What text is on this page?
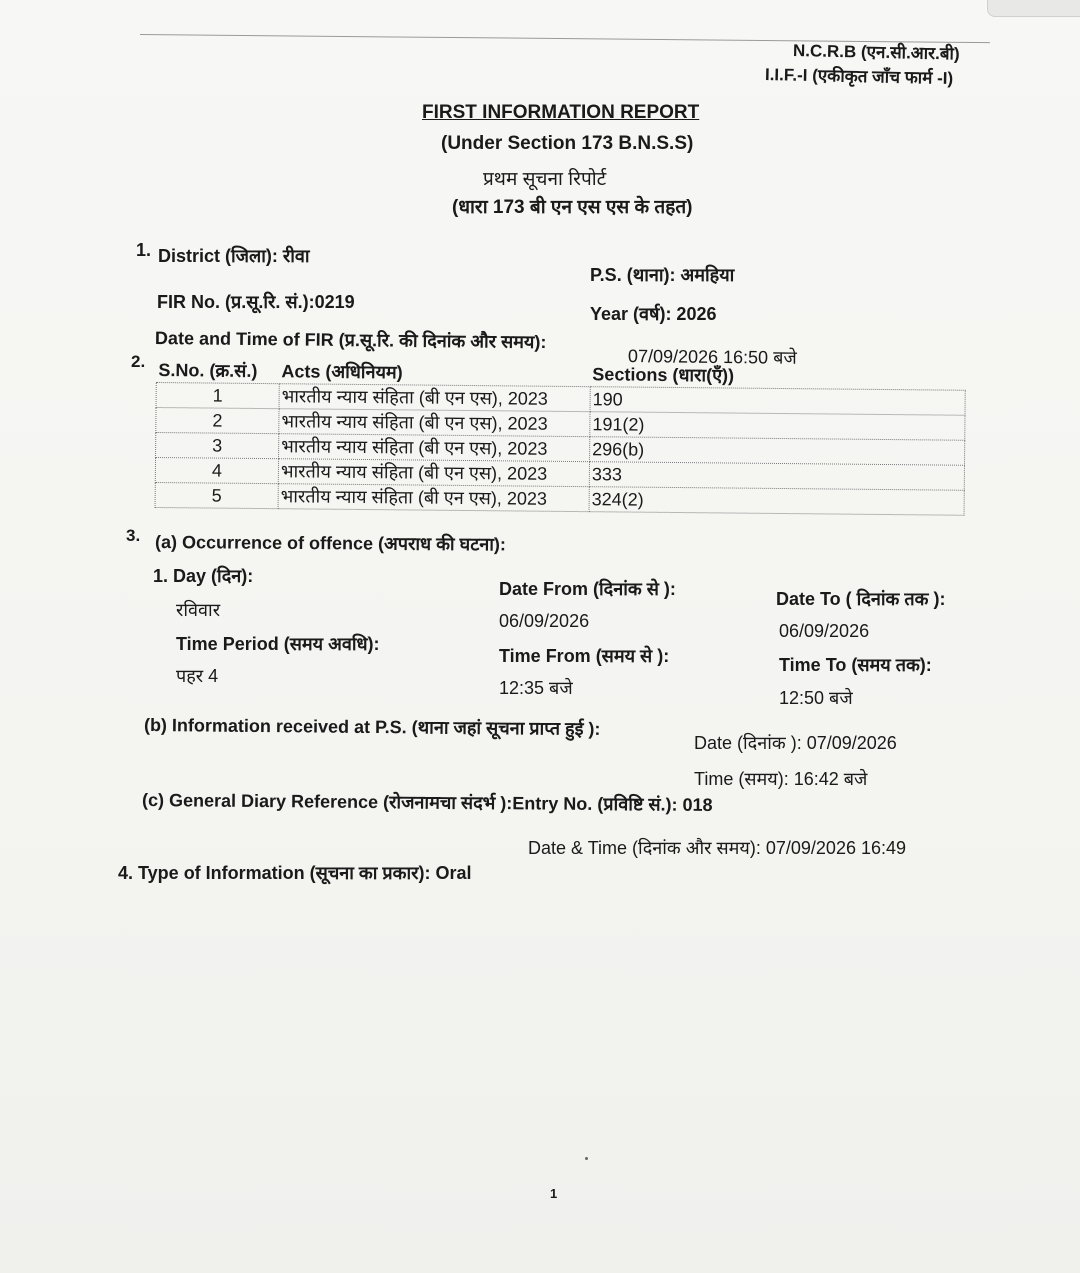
N.C.R.B (एन.सी.आर.बी)
I.I.F.-I (एकीकृत जाँच फार्म -I)
FIRST INFORMATION REPORT
(Under Section 173 B.N.S.S)
प्रथम सूचना रिपोर्ट
(धारा 173 बी एन एस एस के तहत)
1. District (जिला): रीवा
P.S. (थाना): अमहिया
FIR No. (प्र.सू.रि. सं.):0219
Year (वर्ष): 2026
Date and Time of FIR (प्र.सू.रि. की दिनांक और समय):
07/09/2026 16:50 बजे
2. S.No. (क्र.सं.)	Acts (अधिनियम)	Sections (धारा(एँ))
1	भारतीय न्याय संहिता (बी एन एस), 2023	190
2	भारतीय न्याय संहिता (बी एन एस), 2023	191(2)
3	भारतीय न्याय संहिता (बी एन एस), 2023	296(b)
4	भारतीय न्याय संहिता (बी एन एस), 2023	333
5	भारतीय न्याय संहिता (बी एन एस), 2023	324(2)
3. (a) Occurrence of offence (अपराध की घटना):
1. Day (दिन):
रविवार
Date From (दिनांक से ):
06/09/2026
Date To ( दिनांक तक ):
06/09/2026
Time Period (समय अवधि):
पहर 4
Time From (समय से ):
12:35 बजे
Time To (समय तक):
12:50 बजे
(b) Information received at P.S. (थाना जहां सूचना प्राप्त हुई ):
Date (दिनांक ): 07/09/2026
Time (समय): 16:42 बजे
(c) General Diary Reference (रोजनामचा संदर्भ ):Entry No. (प्रविष्टि सं.): 018
Date & Time (दिनांक और समय): 07/09/2026 16:49
4. Type of Information (सूचना का प्रकार): Oral
1
